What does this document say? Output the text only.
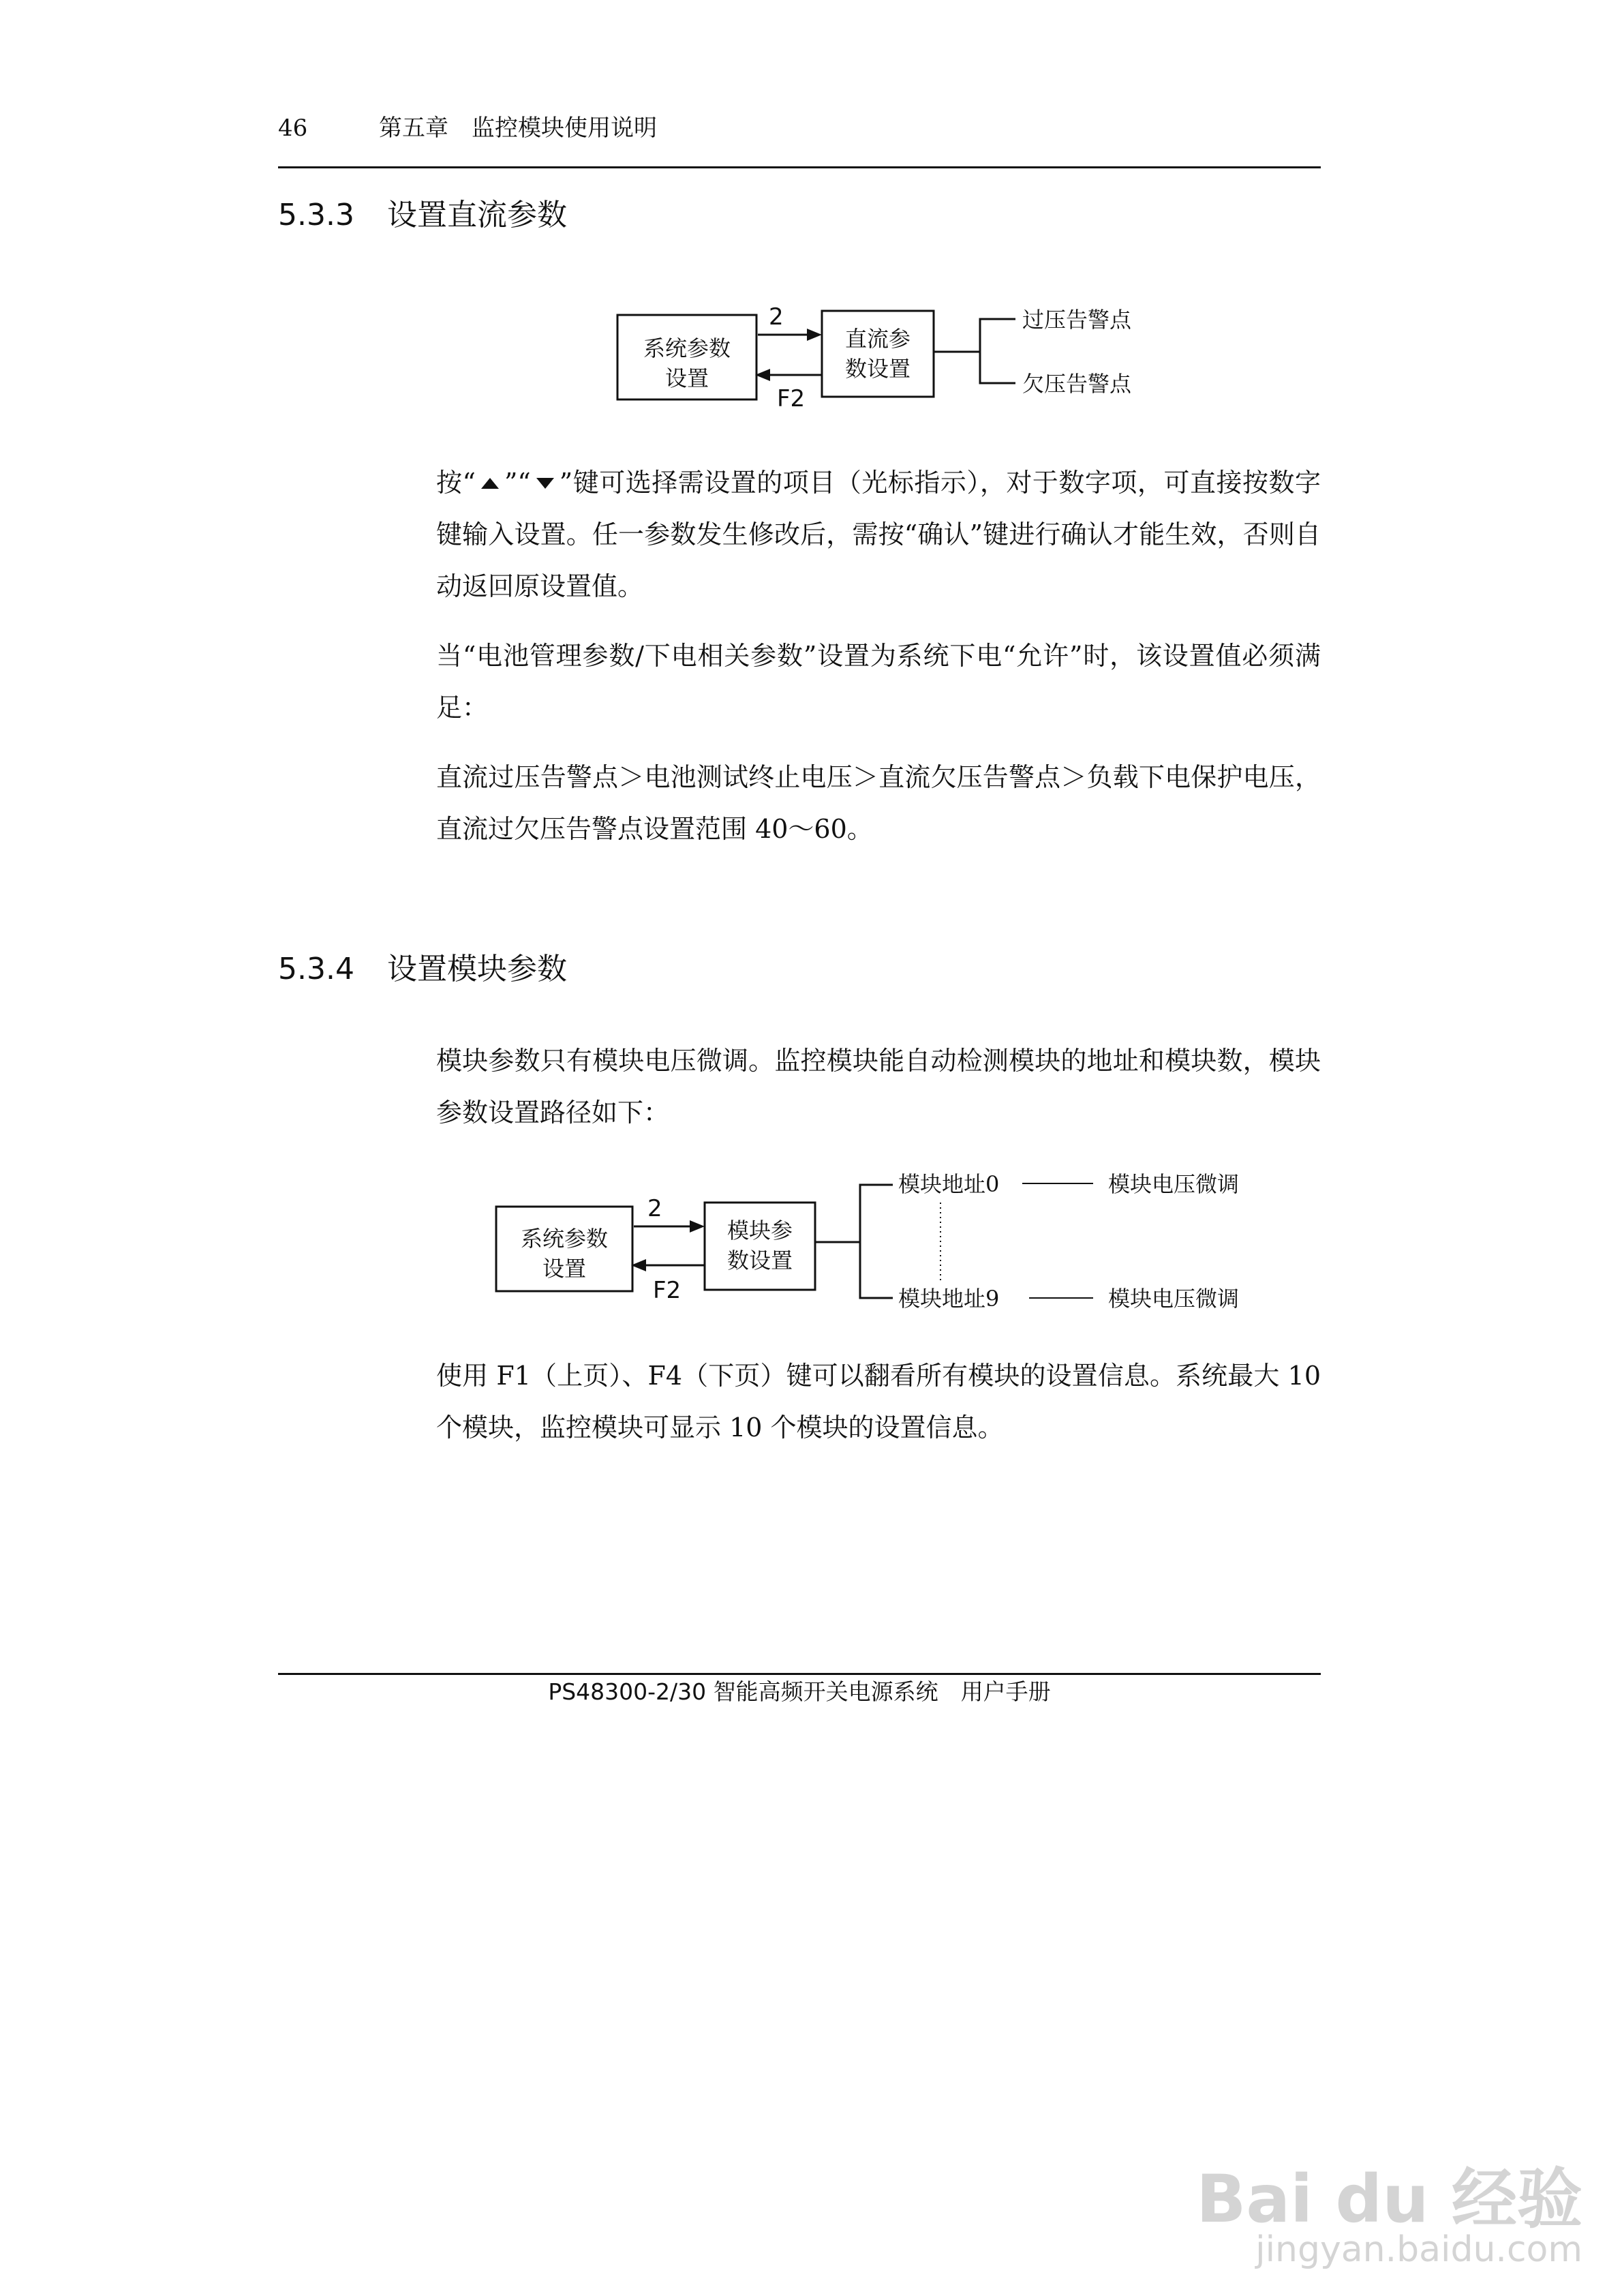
46	第五章　监控模块使用说明
5.3.3 设置直流参数
系统参数
设置
直流参
数设置
过压告警点
欠压告警点
2
F2

按“ ”“ ”键可选择需设置的项目（光标指示），对于数字项，可直接按数字键输入设置。任一参数发生修改后，需按“确认”键进行确认才能生效，否则自动返回原设置值。

当“电池管理参数/下电相关参数”设置为系统下电“允许”时，该设置值必须满足：

直流过压告警点＞电池测试终止电压＞直流欠压告警点＞负载下电保护电压，直流过欠压告警点设置范围 40～60。

5.3.4 设置模块参数
模块参数只有模块电压微调。监控模块能自动检测模块的地址和模块数，模块参数设置路径如下：
系统参数
设置
模块参
数设置
模块地址0
模块地址9
模块电压微调
模块电压微调
2
F2
使用 F1（上页）、F4（下页）键可以翻看所有模块的设置信息。系统最大 10 个模块，监控模块可显示 10 个模块的设置信息。
PS48300-2/30 智能高频开关电源系统　用户手册
Bai du 经验
jingyan.baidu.com
